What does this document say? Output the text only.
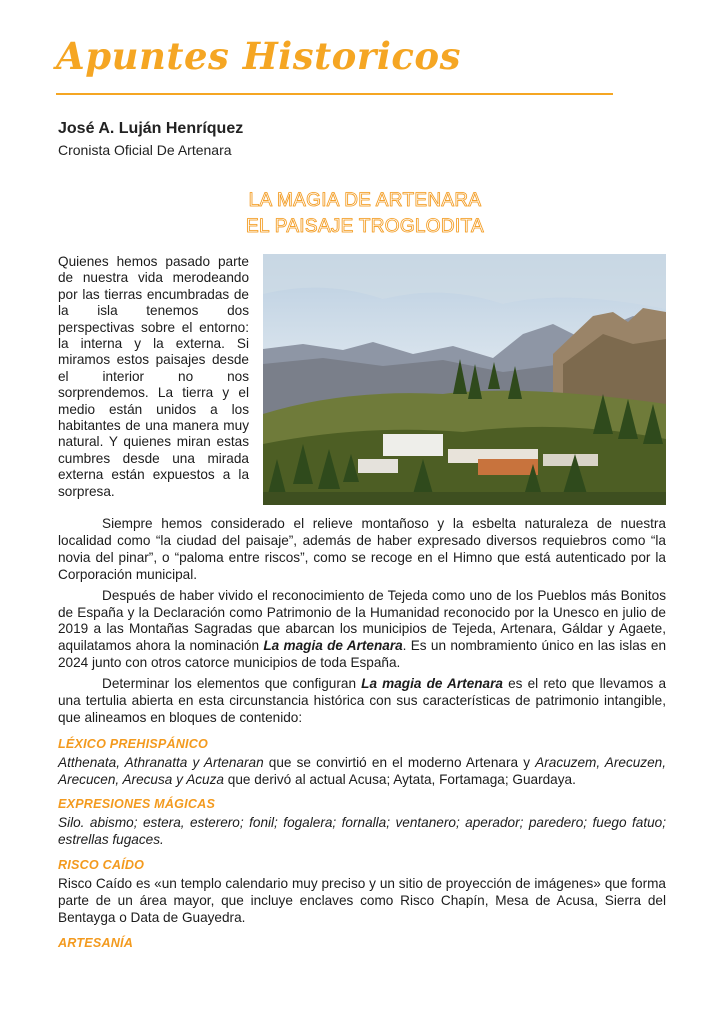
Apuntes Historicos
José A. Luján Henríquez
Cronista Oficial De Artenara
LA MAGIA DE ARTENARA
EL PAISAJE TROGLODITA
Quienes hemos pasado parte de nuestra vida merodeando por las tierras encumbradas de la isla tenemos dos perspectivas sobre el entorno: la interna y la externa. Si miramos estos paisajes desde el interior no nos sorprendemos. La tierra y el medio están unidos a los habitantes de una manera muy natural. Y quienes miran estas cumbres desde una mirada externa están expuestos a la sorpresa.

Siempre hemos considerado el relieve montañoso y la esbelta naturaleza de nuestra localidad como “la ciudad del paisaje”, además de haber expresado diversos requiebros como “la novia del pinar”, o “paloma entre riscos”, como se recoge en el Himno que está autenticado por la Corporación municipal.

Después de haber vivido el reconocimiento de Tejeda como uno de los Pueblos más Bonitos de España y la Declaración como Patrimonio de la Humanidad reconocido por la Unesco en julio de 2019 a las Montañas Sagradas que abarcan los municipios de Tejeda, Artenara, Gáldar y Agaete, aquilatamos ahora la nominación La magia de Artenara. Es un nombramiento único en las islas en 2024 junto con otros catorce municipios de toda España.

Determinar los elementos que configuran La magia de Artenara es el reto que llevamos a una tertulia abierta en esta circunstancia histórica con sus características de patrimonio intangible, que alineamos en bloques de contenido:

LÉXICO PREHISPÁNICO
Atthenata, Athranatta y Artenaran que se convirtió en el moderno Artenara y Aracuzem, Arecuzen, Arecucen, Arecusa y Acuza que derivó al actual Acusa; Aytata, Fortamaga; Guardaya.
EXPRESIONES MÁGICAS
Silo. abismo; estera, esterero; fonil; fogalera; fornalla; ventanero; aperador; paredero; fuego fatuo; estrellas fugaces.
RISCO CAÍDO
Risco Caído es «un templo calendario muy preciso y un sitio de proyección de imágenes» que forma parte de un área mayor, que incluye enclaves como Risco Chapín, Mesa de Acusa, Sierra del Bentayga o Data de Guayedra.
ARTESANÍA
